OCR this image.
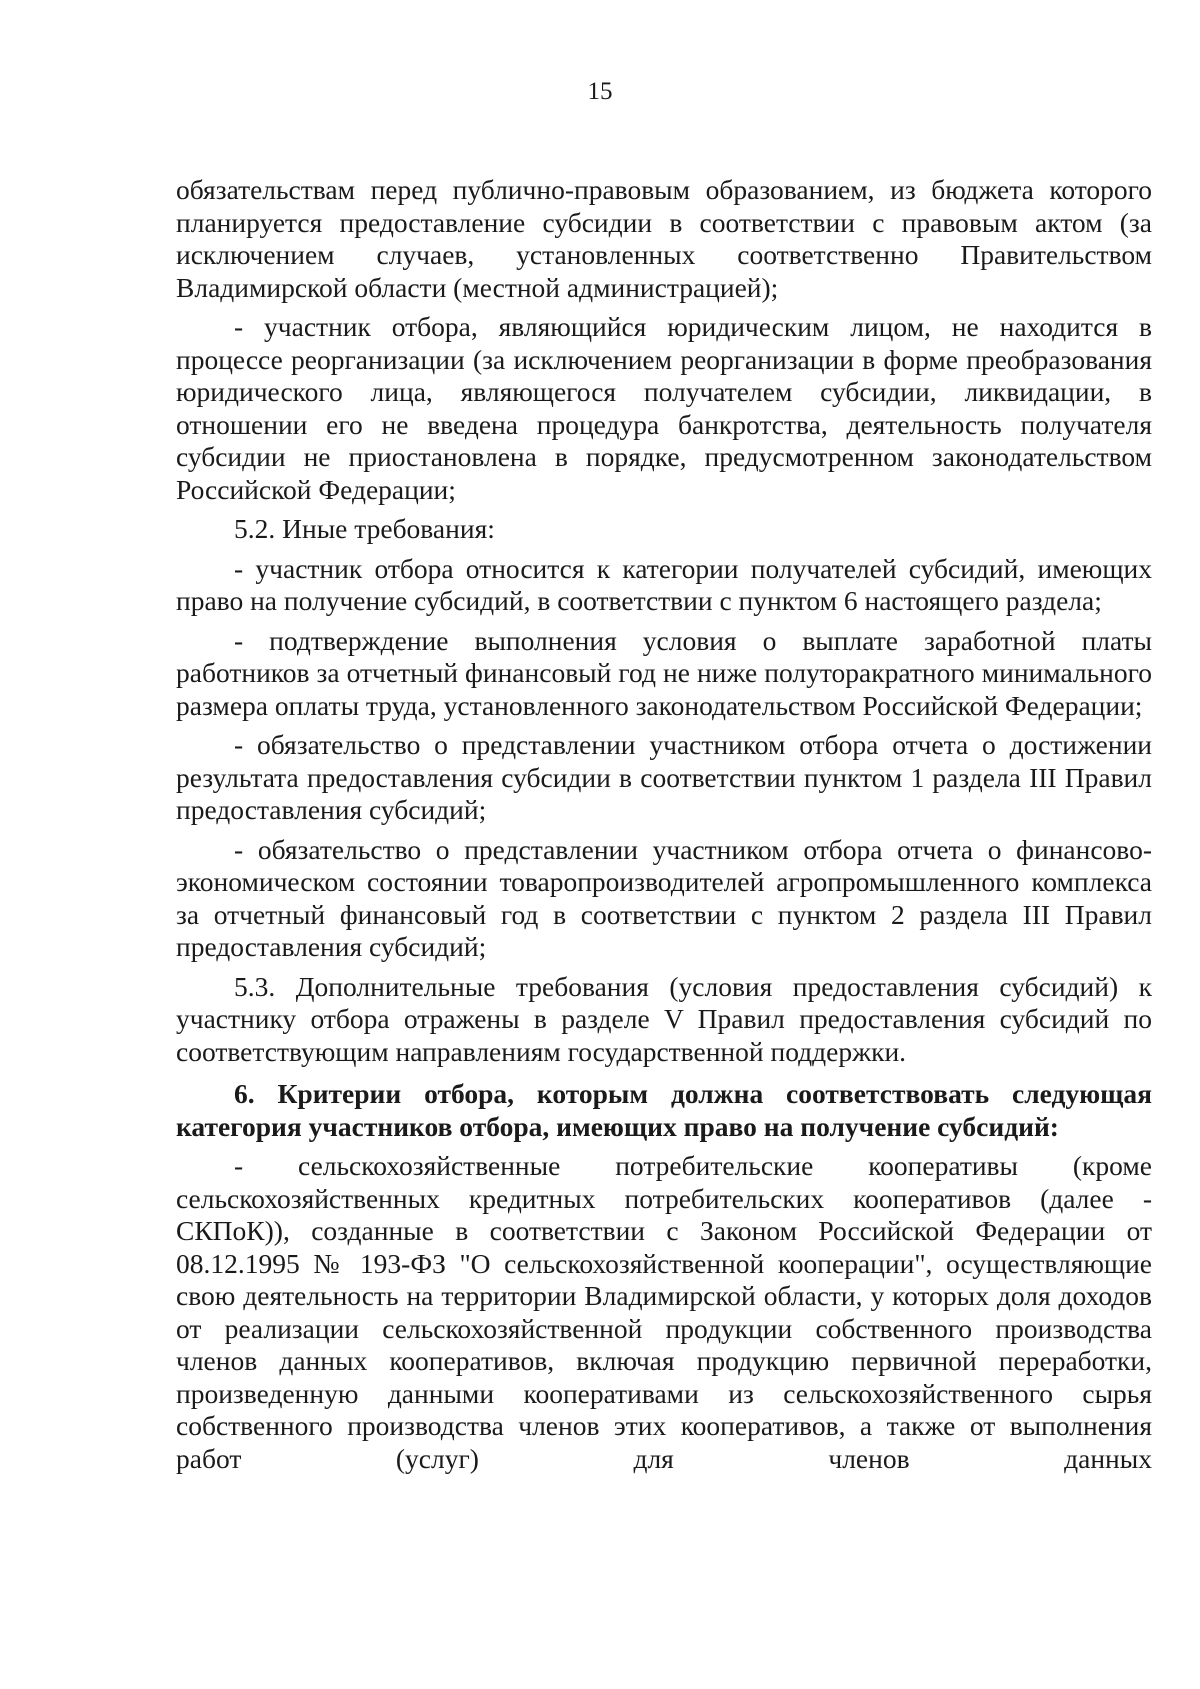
15

обязательствам перед публично-правовым образованием, из бюджета которого планируется предоставление субсидии в соответствии с правовым актом (за исключением случаев, установленных соответственно Правительством Владимирской области (местной администрацией);

- участник отбора, являющийся юридическим лицом, не находится в процессе реорганизации (за исключением реорганизации в форме преобразования юридического лица, являющегося получателем субсидии, ликвидации, в отношении его не введена процедура банкротства, деятельность получателя субсидии не приостановлена в порядке, предусмотренном законодательством Российской Федерации;

5.2. Иные требования:

- участник отбора относится к категории получателей субсидий, имеющих право на получение субсидий, в соответствии с пунктом 6 настоящего раздела;

- подтверждение выполнения условия о выплате заработной платы работников за отчетный финансовый год не ниже полуторакратного минимального размера оплаты труда, установленного законодательством Российской Федерации;

- обязательство о представлении участником отбора отчета о достижении результата предоставления субсидии в соответствии пунктом 1 раздела III Правил предоставления субсидий;

- обязательство о представлении участником отбора отчета о финансово-экономическом состоянии товаропроизводителей агропромышленного комплекса за отчетный финансовый год в соответствии с пунктом 2 раздела III Правил предоставления субсидий;

5.3. Дополнительные требования (условия предоставления субсидий) к участнику отбора отражены в разделе V Правил предоставления субсидий по соответствующим направлениям государственной поддержки.

6. Критерии отбора, которым должна соответствовать следующая категория участников отбора, имеющих право на получение субсидий:

- сельскохозяйственные потребительские кооперативы (кроме сельскохозяйственных кредитных потребительских кооперативов (далее - СКПоК)), созданные в соответствии с Законом Российской Федерации от 08.12.1995 № 193-ФЗ "О сельскохозяйственной кооперации", осуществляющие свою деятельность на территории Владимирской области, у которых доля доходов от реализации сельскохозяйственной продукции собственного производства членов данных кооперативов, включая продукцию первичной переработки, произведенную данными кооперативами из сельскохозяйственного сырья собственного производства членов этих кооперативов, а также от выполнения работ (услуг) для членов данных
